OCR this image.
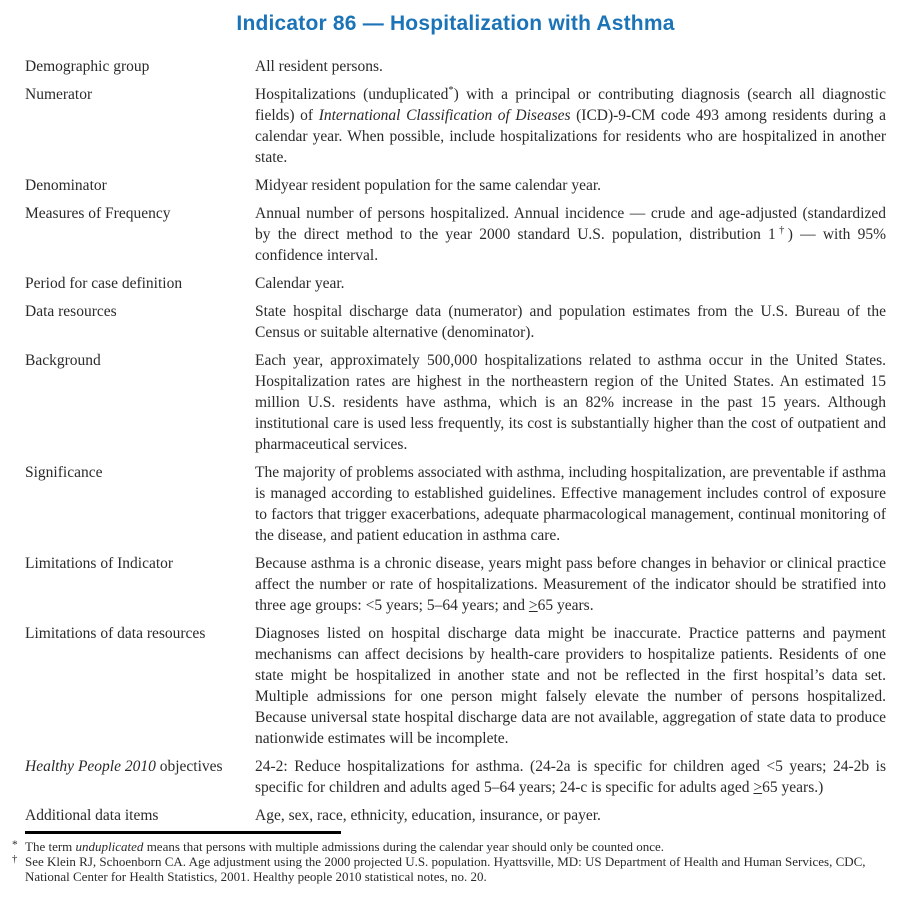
Indicator 86 — Hospitalization with Asthma
Demographic group	All resident persons.
Numerator	Hospitalizations (unduplicated*) with a principal or contributing diagnosis (search all diagnostic fields) of International Classification of Diseases (ICD)-9-CM code 493 among residents during a calendar year. When possible, include hospitalizations for residents who are hospitalized in another state.
Denominator	Midyear resident population for the same calendar year.
Measures of Frequency	Annual number of persons hospitalized. Annual incidence — crude and age-adjusted (standardized by the direct method to the year 2000 standard U.S. population, distribution 1†) — with 95% confidence interval.
Period for case definition	Calendar year.
Data resources	State hospital discharge data (numerator) and population estimates from the U.S. Bureau of the Census or suitable alternative (denominator).
Background	Each year, approximately 500,000 hospitalizations related to asthma occur in the United States. Hospitalization rates are highest in the northeastern region of the United States. An estimated 15 million U.S. residents have asthma, which is an 82% increase in the past 15 years. Although institutional care is used less frequently, its cost is substantially higher than the cost of outpatient and pharmaceutical services.
Significance	The majority of problems associated with asthma, including hospitalization, are preventable if asthma is managed according to established guidelines. Effective management includes control of exposure to factors that trigger exacerbations, adequate pharmacological management, continual monitoring of the disease, and patient education in asthma care.
Limitations of Indicator	Because asthma is a chronic disease, years might pass before changes in behavior or clinical practice affect the number or rate of hospitalizations. Measurement of the indicator should be stratified into three age groups: <5 years; 5–64 years; and >65 years.
Limitations of data resources	Diagnoses listed on hospital discharge data might be inaccurate. Practice patterns and payment mechanisms can affect decisions by health-care providers to hospitalize patients. Residents of one state might be hospitalized in another state and not be reflected in the first hospital’s data set. Multiple admissions for one person might falsely elevate the number of persons hospitalized. Because universal state hospital discharge data are not available, aggregation of state data to produce nationwide estimates will be incomplete.
Healthy People 2010 objectives	24-2: Reduce hospitalizations for asthma. (24-2a is specific for children aged <5 years; 24-2b is specific for children and adults aged 5–64 years; 24-c is specific for adults aged >65 years.)
Additional data items	Age, sex, race, ethnicity, education, insurance, or payer.
* The term unduplicated means that persons with multiple admissions during the calendar year should only be counted once.
† See Klein RJ, Schoenborn CA. Age adjustment using the 2000 projected U.S. population. Hyattsville, MD: US Department of Health and Human Services, CDC, National Center for Health Statistics, 2001. Healthy people 2010 statistical notes, no. 20.
